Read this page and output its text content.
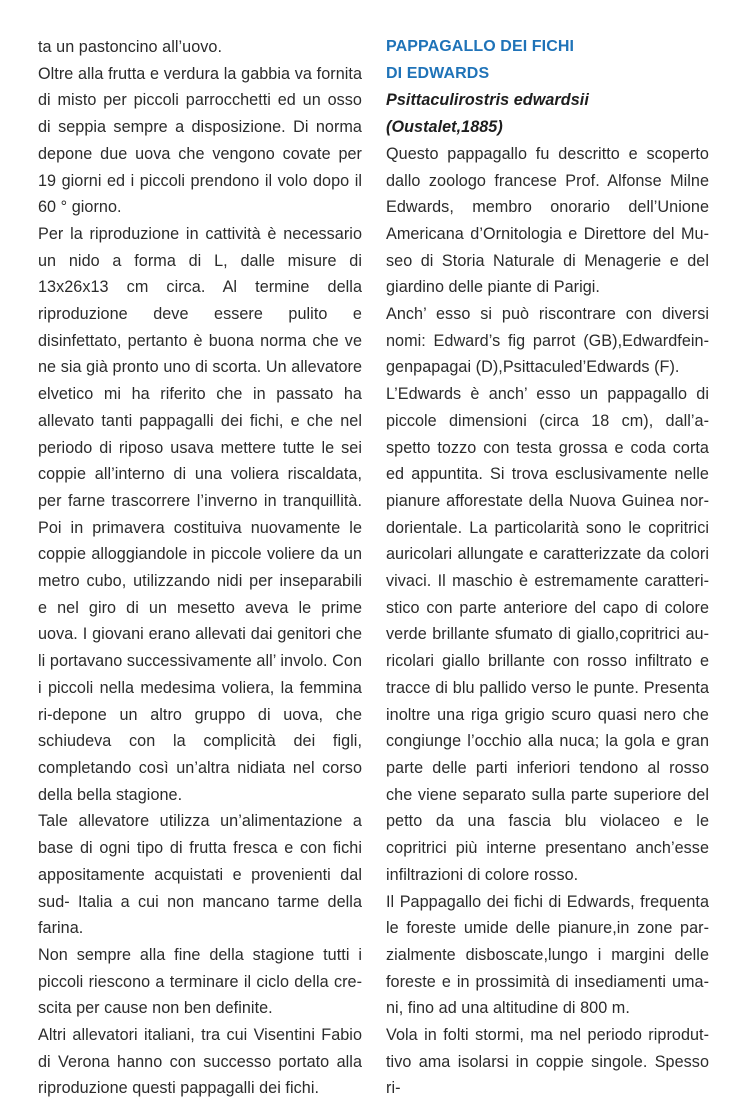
ta un pastoncino all’uovo.

Oltre alla frutta e verdura la gabbia va fornita di misto per piccoli parrocchetti ed un osso di seppia sempre a disposizione. Di norma depone due uova che vengono covate per 19 giorni ed i piccoli prendono il volo dopo il 60 ° giorno.

Per la riproduzione in cattività è necessario un nido a forma di L, dalle misure di 13x26x13 cm circa. Al termine della riproduzione deve essere pulito e disinfettato, pertanto è buona norma che ve ne sia già pronto uno di scorta. Un allevatore elvetico mi ha riferito che in passato ha allevato tanti pappagalli dei fichi, e che nel periodo di riposo usava mettere tutte le sei coppie all’interno di una voliera riscaldata, per farne trascorrere l’inverno in tranquillità. Poi in primavera costituiva nuovamente le coppie alloggiandole in piccole voliere da un metro cubo, utilizzando nidi per inseparabili e nel giro di un mesetto aveva le prime uova. I giovani erano allevati dai genitori che li portavano successivamente all’ involo. Con i piccoli nella medesima voliera, la femmina ri-depone un altro gruppo di uova, che schiudeva con la complicità dei figli, completando così un’altra nidiata nel corso della bella stagione.

Tale allevatore utilizza un’alimentazione a base di ogni tipo di frutta fresca e con fichi appositamente acquistati e provenienti dal sud- Italia a cui non mancano tarme della farina.

Non sempre alla fine della stagione tutti i piccoli riescono a terminare il ciclo della crescita per cause non ben definite.

Altri allevatori italiani, tra cui Visentini Fabio di Verona hanno con successo portato alla riproduzione questi pappagalli dei fichi.

PAPPAGALLO DEI FICHI
DI EDWARDS
Psittaculirostris edwardsii
(Oustalet,1885)

Questo pappagallo fu descritto e scoperto dallo zoologo francese Prof. Alfonse Milne Edwards, membro onorario dell’Unione Americana d’Ornitologia e Direttore del Museo di Storia Naturale di Menagerie e del giardino delle piante di Parigi.

Anch’ esso si può riscontrare con diversi nomi: Edward’s fig parrot (GB),Edwardfeingenpapagai (D),Psittaculed’Edwards (F).

L’Edwards è anch’ esso un pappagallo di piccole dimensioni (circa 18 cm), dall’aspetto tozzo con testa grossa e coda corta ed appuntita. Si trova esclusivamente nelle pianure afforestate della Nuova Guinea nordorientale. La particolarità sono le copritrici auricolari allungate e caratterizzate da colori vivaci. Il maschio è estremamente caratteristico con parte anteriore del capo di colore verde brillante sfumato di giallo,copritrici auricolari giallo brillante con rosso infiltrato e tracce di blu pallido verso le punte. Presenta inoltre una riga grigio scuro quasi nero che congiunge l’occhio alla nuca; la gola e gran parte delle parti inferiori tendono al rosso che viene separato sulla parte superiore del petto da una fascia blu violaceo e le copritrici più interne presentano anch’esse infiltrazioni di colore rosso.

Il Pappagallo dei fichi di Edwards, frequenta le foreste umide delle pianure,in zone parzialmente disboscate,lungo i margini delle foreste e in prossimità di insediamenti umani, fino ad una altitudine di 800 m.

Vola in folti stormi, ma nel periodo riproduttivo ama isolarsi in coppie singole. Spesso ri-
